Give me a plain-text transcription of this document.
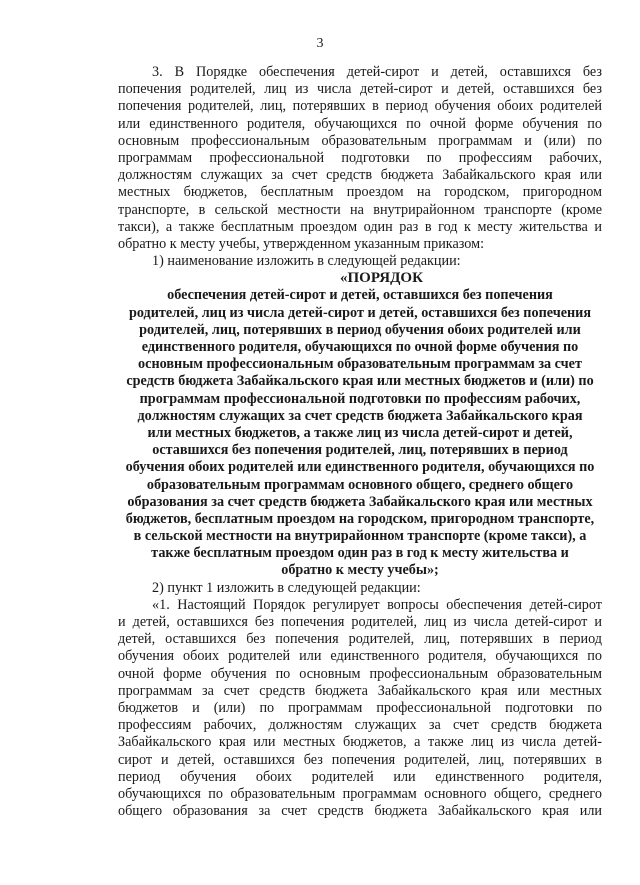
3
3. В Порядке обеспечения детей-сирот и детей, оставшихся без
попечения родителей, лиц из числа детей-сирот и детей, оставшихся без
попечения родителей, лиц, потерявших в период обучения обоих родителей
или единственного родителя, обучающихся по очной форме обучения по
основным профессиональным образовательным программам и (или) по
программам профессиональной подготовки по профессиям рабочих,
должностям служащих за счет средств бюджета Забайкальского края или
местных бюджетов, бесплатным проездом на городском, пригородном
транспорте, в сельской местности на внутрирайонном транспорте (кроме
такси), а также бесплатным проездом один раз в год к месту жительства и
обратно к месту учебы, утвержденном указанным приказом:
1) наименование изложить в следующей редакции:
«ПОРЯДОК
обеспечения детей-сирот и детей, оставшихся без попечения
родителей, лиц из числа детей-сирот и детей, оставшихся без попечения
родителей, лиц, потерявших в период обучения обоих родителей или
единственного родителя, обучающихся по очной форме обучения по
основным профессиональным образовательным программам за счет
средств бюджета Забайкальского края или местных бюджетов и (или) по
программам профессиональной подготовки по профессиям рабочих,
должностям служащих за счет средств бюджета Забайкальского края
или местных бюджетов, а также лиц из числа детей-сирот и детей,
оставшихся без попечения родителей, лиц, потерявших в период
обучения обоих родителей или единственного родителя, обучающихся по
образовательным программам основного общего, среднего общего
образования за счет средств бюджета Забайкальского края или местных
бюджетов, бесплатным проездом на городском, пригородном транспорте,
в сельской местности на внутрирайонном транспорте (кроме такси), а
также бесплатным проездом один раз в год к месту жительства и
обратно к месту учебы»;
2) пункт 1 изложить в следующей редакции:
«1. Настоящий Порядок регулирует вопросы обеспечения детей-сирот
и детей, оставшихся без попечения родителей, лиц из числа детей-сирот и
детей, оставшихся без попечения родителей, лиц, потерявших в период
обучения обоих родителей или единственного родителя, обучающихся по
очной форме обучения по основным профессиональным образовательным
программам за счет средств бюджета Забайкальского края или местных
бюджетов и (или) по программам профессиональной подготовки по
профессиям рабочих, должностям служащих за счет средств бюджета
Забайкальского края или местных бюджетов, а также лиц из числа детей-
сирот и детей, оставшихся без попечения родителей, лиц, потерявших в
период обучения обоих родителей или единственного родителя,
обучающихся по образовательным программам основного общего, среднего
общего образования за счет средств бюджета Забайкальского края или
